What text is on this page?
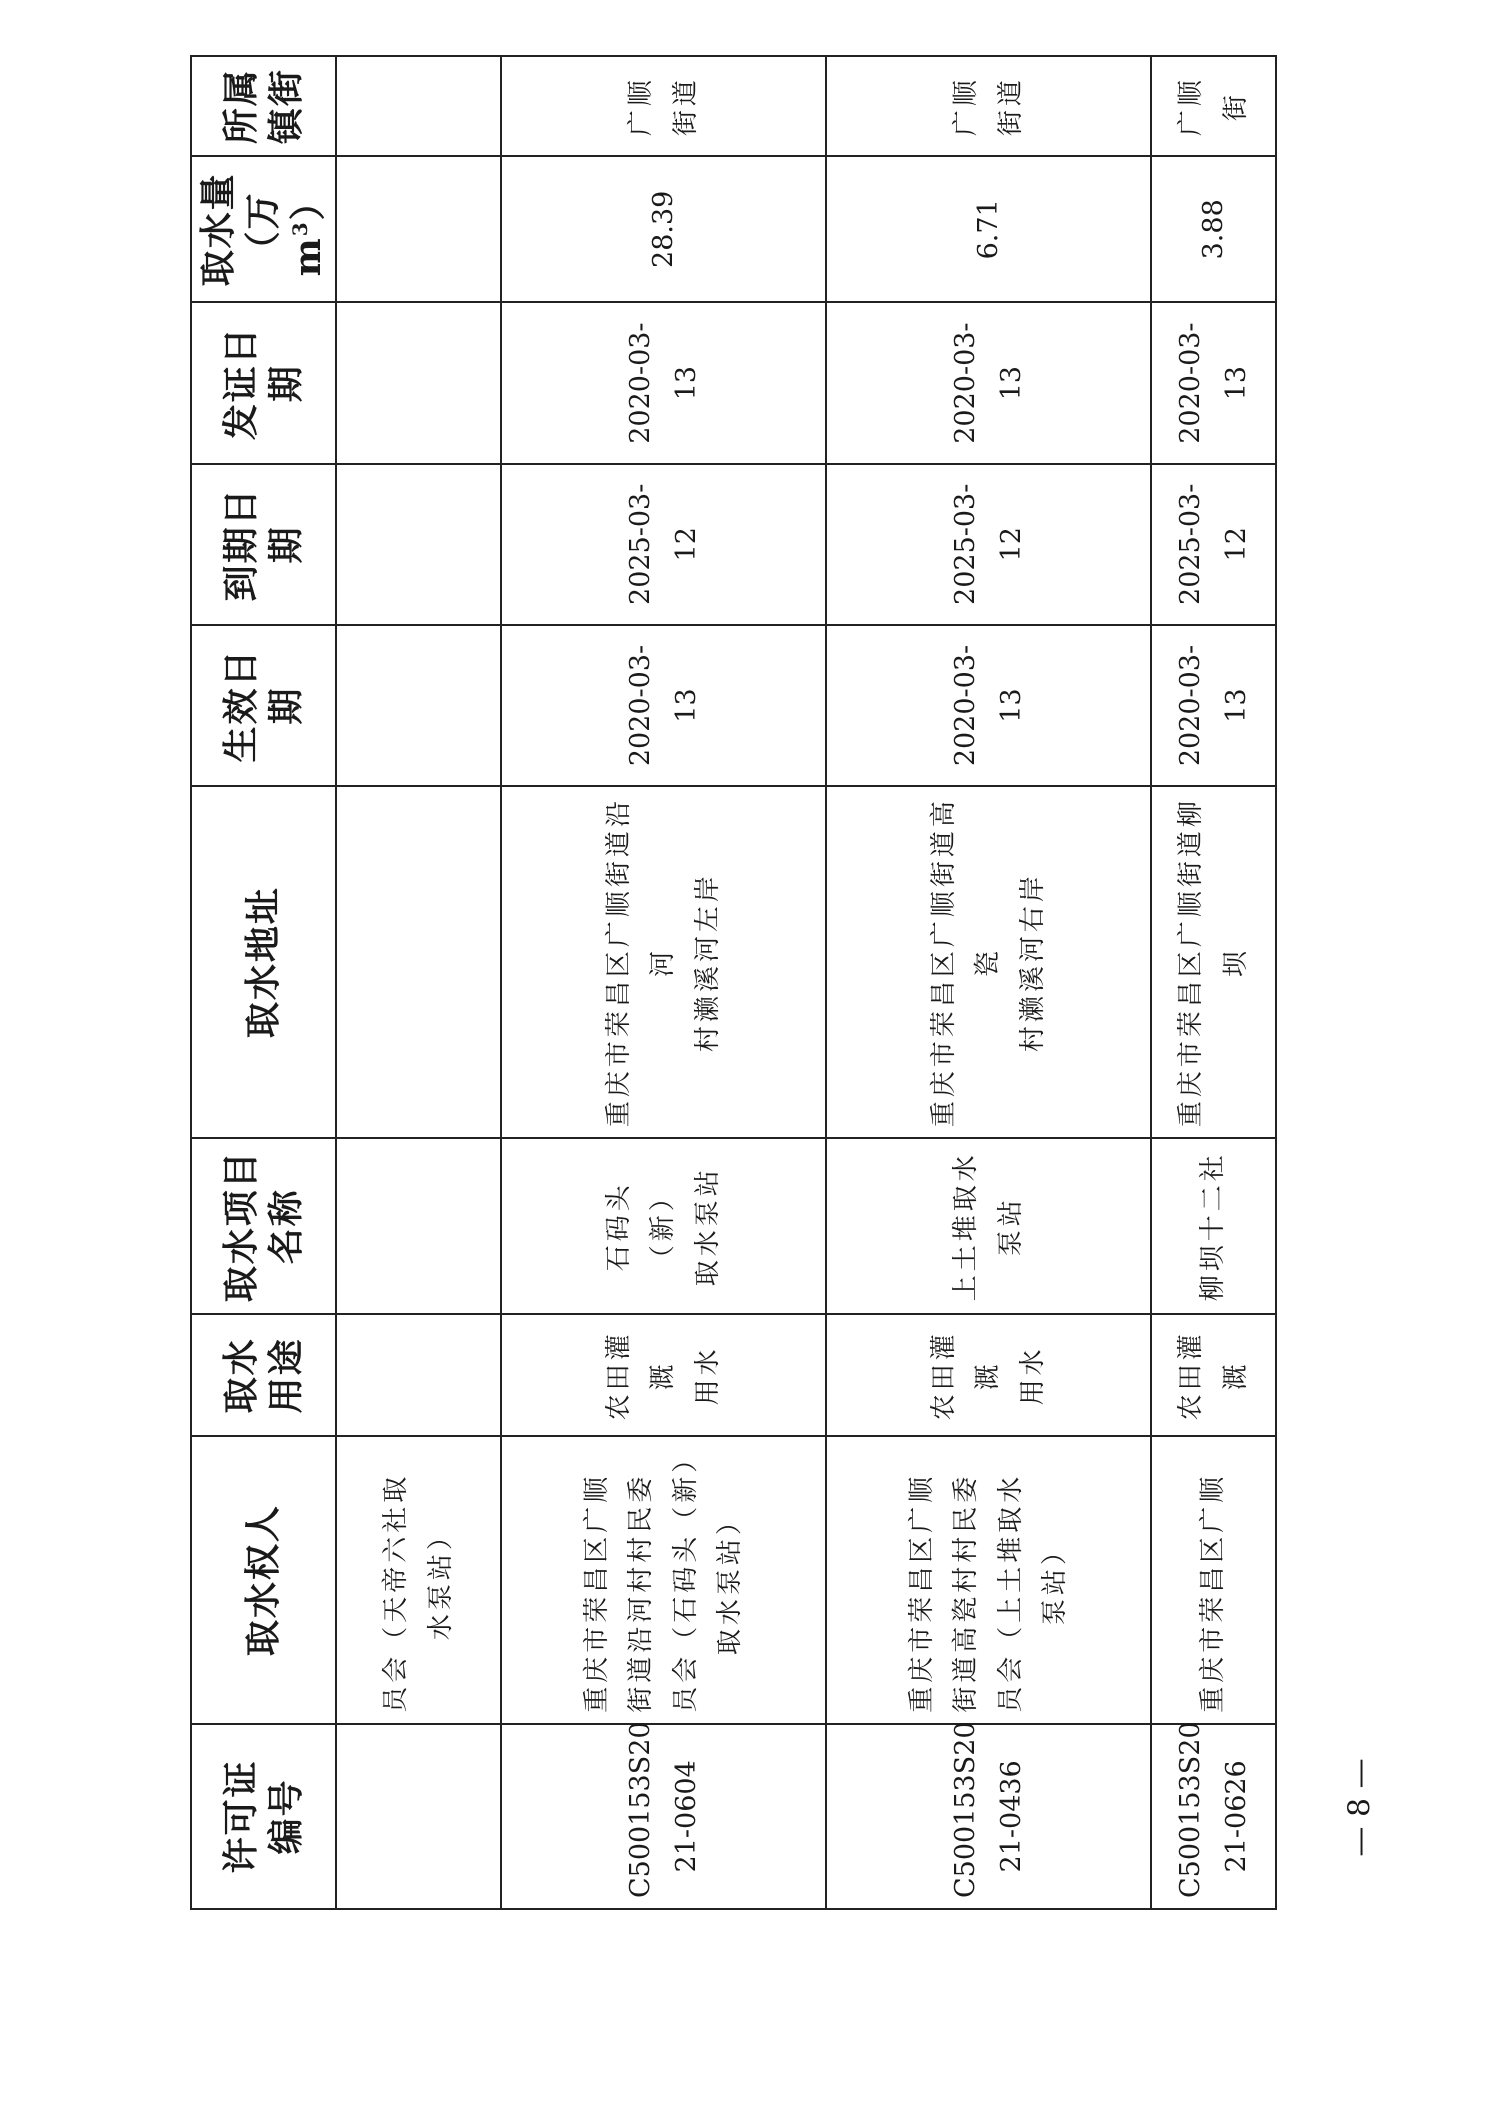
许可证 编号	取水权人	取水 用途	取水项目 名称	取水地址	生效日期	到期日期	发证日期	取水量 （万 $m^3$）	所属 镇街

	员会（天帝六社取 水泵站）								

C500153S20 21-0604	重庆市荣昌区广顺 街道沿河村村民委 员会（石码头（新） 取水泵站）	农田灌溉 用水	石码头（新） 取水泵站	重庆市荣昌区广顺街道沿河 村濑溪河左岸	2020-03-13	2025-03-12	2020-03-13	28.39	广顺 街道

C500153S20 21-0436	重庆市荣昌区广顺 街道高瓷村村民委 员会（上土堆取水 泵站）	农田灌溉 用水	上土堆取水 泵站	重庆市荣昌区广顺街道高瓷 村濑溪河右岸	2020-03-13	2025-03-12	2020-03-13	6.71	广顺 街道

C500153S20 21-0626	重庆市荣昌区广顺	农田灌溉	柳坝十二社	重庆市荣昌区广顺街道柳坝	2020-03-13	2025-03-12	2020-03-13	3.88	广顺街
— 8 —
